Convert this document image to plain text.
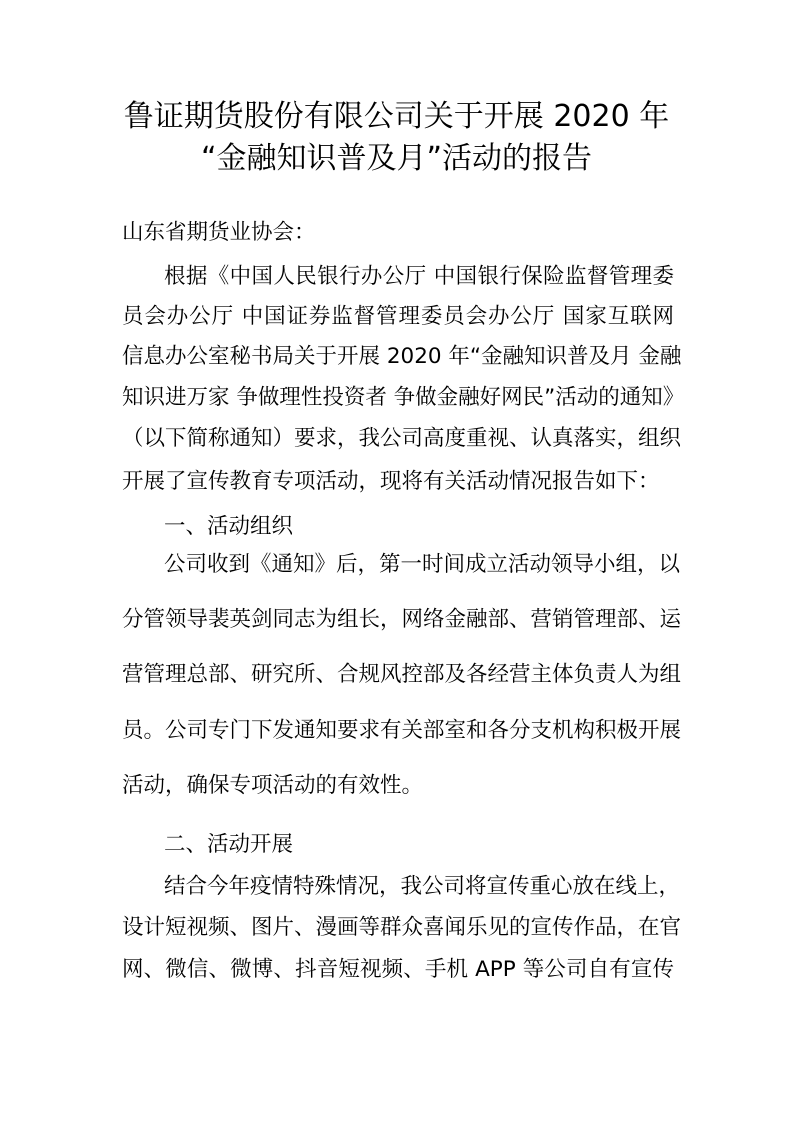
鲁证期货股份有限公司关于开展 2020 年
“金融知识普及月”活动的报告
山东省期货业协会：
根据《中国人民银行办公厅 中国银行保险监督管理委
员会办公厅 中国证券监督管理委员会办公厅 国家互联网
信息办公室秘书局关于开展 2020 年“金融知识普及月 金融
知识进万家 争做理性投资者 争做金融好网民”活动的通知》
（以下简称通知）要求，我公司高度重视、认真落实，组织
开展了宣传教育专项活动，现将有关活动情况报告如下：
一、活动组织
公司收到《通知》后，第一时间成立活动领导小组，以
分管领导裴英剑同志为组长，网络金融部、营销管理部、运
营管理总部、研究所、合规风控部及各经营主体负责人为组
员。公司专门下发通知要求有关部室和各分支机构积极开展
活动，确保专项活动的有效性。
二、活动开展
结合今年疫情特殊情况，我公司将宣传重心放在线上，
设计短视频、图片、漫画等群众喜闻乐见的宣传作品，在官
网、微信、微博、抖音短视频、手机 APP 等公司自有宣传
